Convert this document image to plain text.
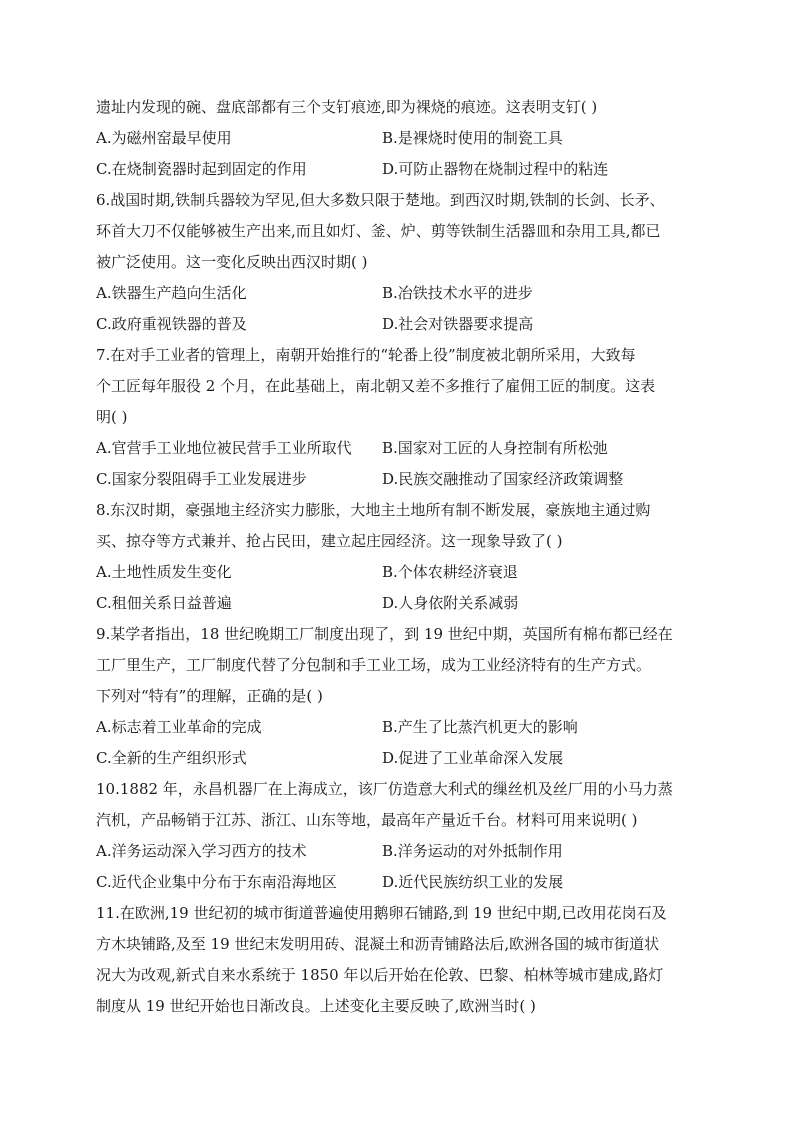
遗址内发现的碗、盘底部都有三个支钉痕迹,即为裸烧的痕迹。这表明支钉( )
A.为磁州窑最早使用	B.是裸烧时使用的制瓷工具
C.在烧制瓷器时起到固定的作用	D.可防止器物在烧制过程中的粘连
6.战国时期,铁制兵器较为罕见,但大多数只限于楚地。到西汉时期,铁制的长剑、长矛、
环首大刀不仅能够被生产出来,而且如灯、釜、炉、剪等铁制生活器皿和杂用工具,都已
被广泛使用。这一变化反映出西汉时期( )
A.铁器生产趋向生活化	B.冶铁技术水平的进步
C.政府重视铁器的普及	D.社会对铁器要求提高
7.在对手工业者的管理上，南朝开始推行的“轮番上役”制度被北朝所采用，大致每
个工匠每年服役 2 个月，在此基础上，南北朝又差不多推行了雇佣工匠的制度。这表
明( )
A.官营手工业地位被民营手工业所取代	B.国家对工匠的人身控制有所松弛
C.国家分裂阻碍手工业发展进步	D.民族交融推动了国家经济政策调整
8.东汉时期，豪强地主经济实力膨胀，大地主土地所有制不断发展，豪族地主通过购
买、掠夺等方式兼并、抢占民田，建立起庄园经济。这一现象导致了( )
A.土地性质发生变化	B.个体农耕经济衰退
C.租佃关系日益普遍	D.人身依附关系减弱
9.某学者指出，18 世纪晚期工厂制度出现了，到 19 世纪中期，英国所有棉布都已经在
工厂里生产，工厂制度代替了分包制和手工业工场，成为工业经济特有的生产方式。
下列对“特有”的理解，正确的是( )
A.标志着工业革命的完成	B.产生了比蒸汽机更大的影响
C.全新的生产组织形式	D.促进了工业革命深入发展
10.1882 年，永昌机器厂在上海成立，该厂仿造意大利式的缫丝机及丝厂用的小马力蒸
汽机，产品畅销于江苏、浙江、山东等地，最高年产量近千台。材料可用来说明( )
A.洋务运动深入学习西方的技术	B.洋务运动的对外抵制作用
C.近代企业集中分布于东南沿海地区	D.近代民族纺织工业的发展
11.在欧洲,19 世纪初的城市街道普遍使用鹅卵石铺路,到 19 世纪中期,已改用花岗石及
方木块铺路,及至 19 世纪末发明用砖、混凝土和沥青铺路法后,欧洲各国的城市街道状
况大为改观,新式自来水系统于 1850 年以后开始在伦敦、巴黎、柏林等城市建成,路灯
制度从 19 世纪开始也日渐改良。上述变化主要反映了,欧洲当时( )
